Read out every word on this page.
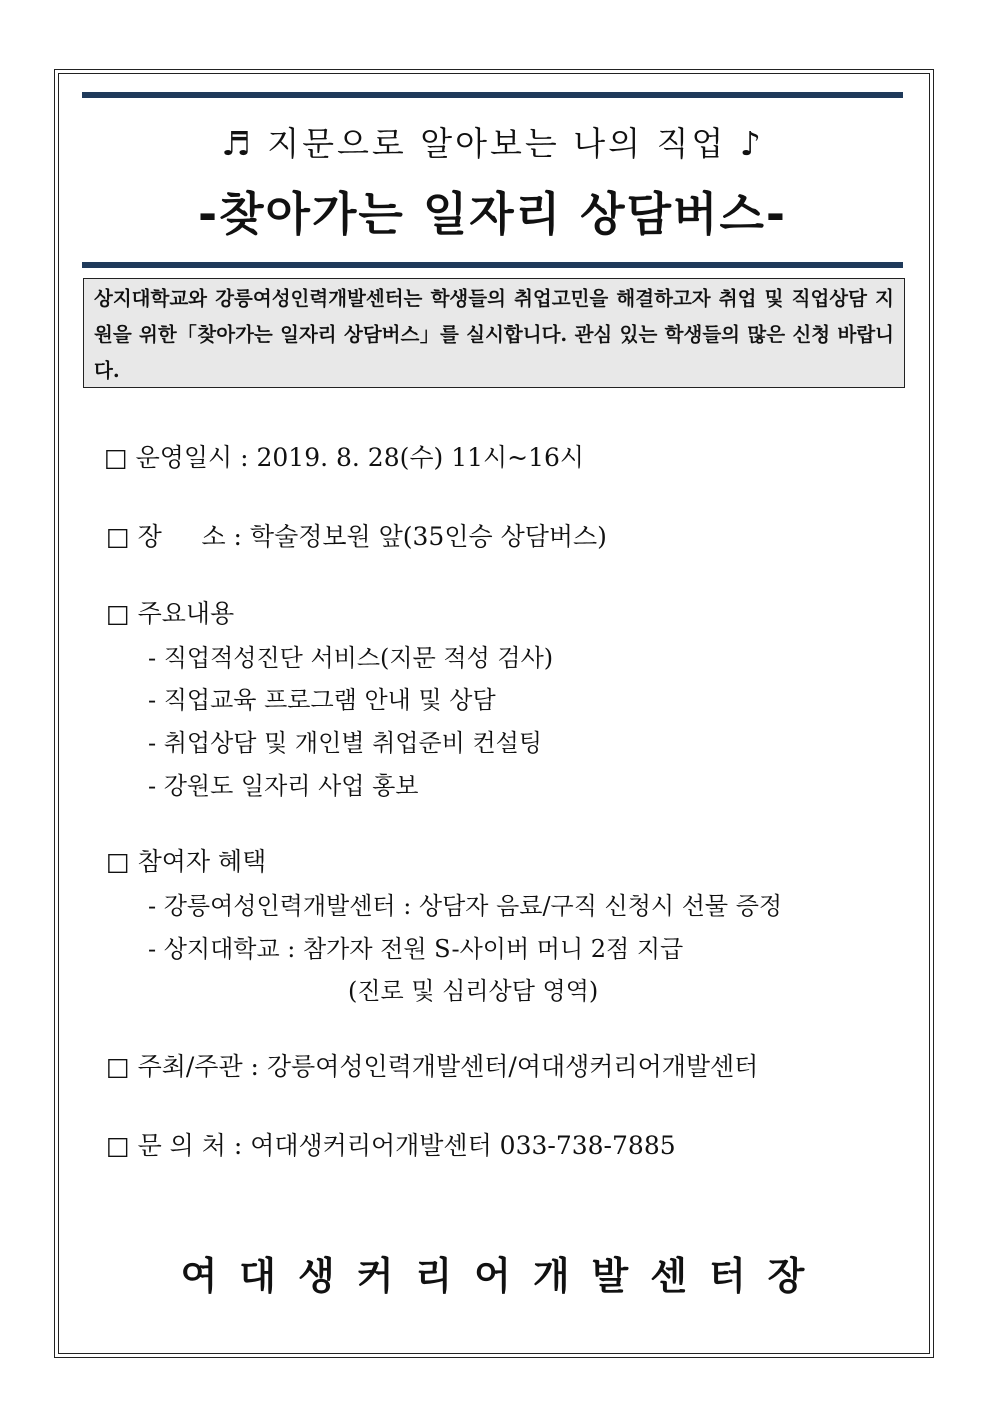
♬ 지문으로 알아보는 나의 직업 ♪
-찾아가는 일자리 상담버스-
상지대학교와 강릉여성인력개발센터는 학생들의 취업고민을 해결하고자 취업 및 직업상담 지원을 위한「찾아가는 일자리 상담버스」를 실시합니다. 관심 있는 학생들의 많은 신청 바랍니다.
□ 운영일시 : 2019. 8. 28(수) 11시~16시
□ 장     소 : 학술정보원 앞(35인승 상담버스)
□ 주요내용
- 직업적성진단 서비스(지문 적성 검사)
- 직업교육 프로그램 안내 및 상담
- 취업상담 및 개인별 취업준비 컨설팅
- 강원도 일자리 사업 홍보
□ 참여자 혜택
- 강릉여성인력개발센터 : 상담자 음료/구직 신청시 선물 증정
- 상지대학교 : 참가자 전원 S-사이버 머니 2점 지급
(진로 및 심리상담 영역)
□ 주최/주관 : 강릉여성인력개발센터/여대생커리어개발센터
□ 문 의 처 : 여대생커리어개발센터 033-738-7885
여대생커리어개발센터장
